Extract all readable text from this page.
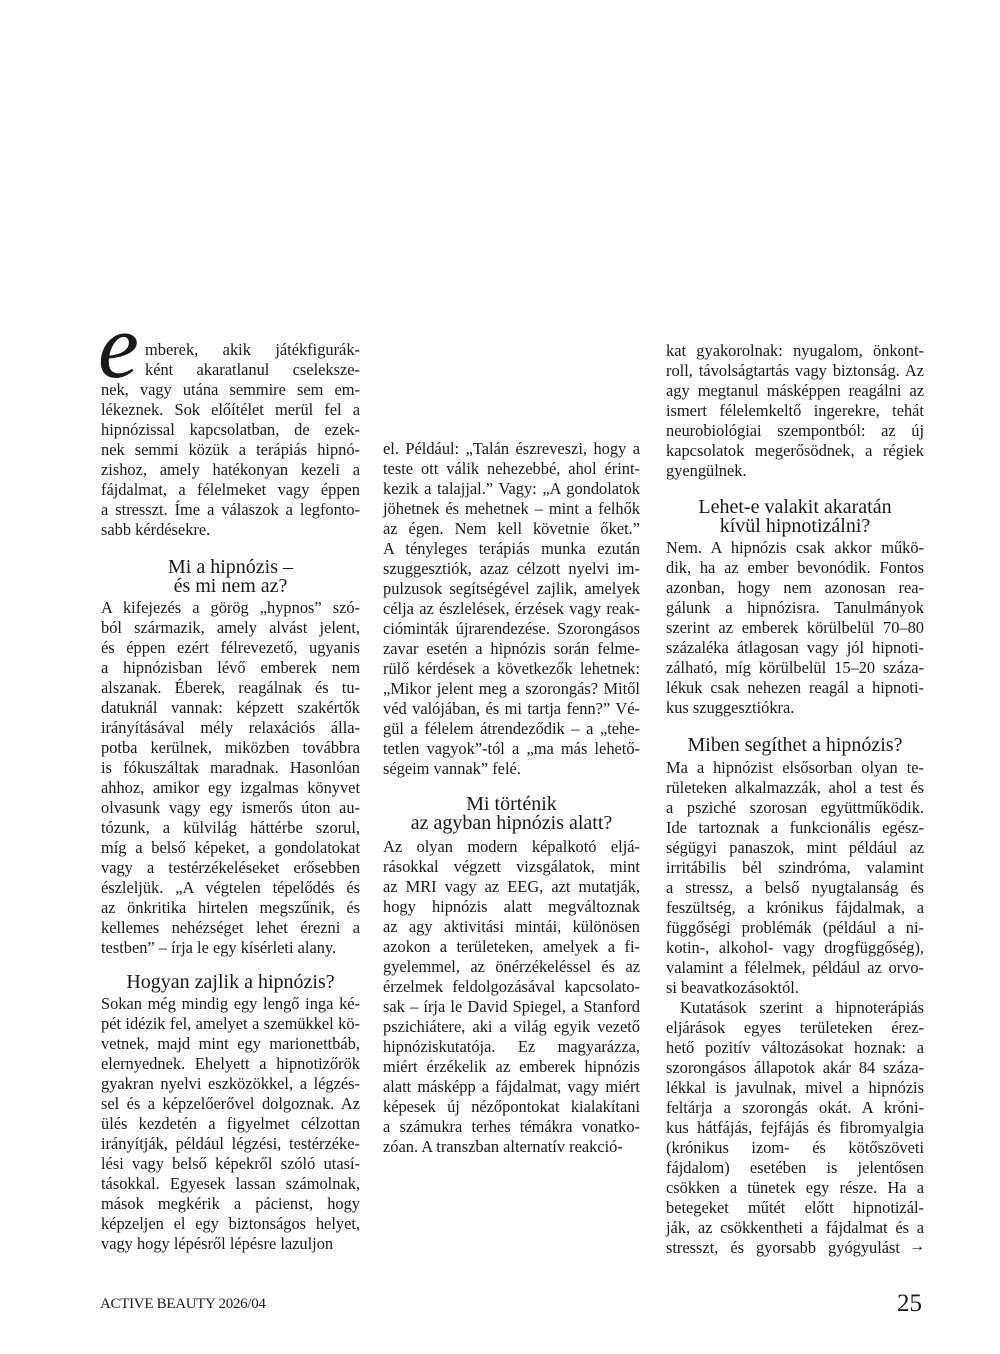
e mberek, akik játékfigurák-
ként akaratlanul cselekszе-
nek, vagy utána semmire sem em-
lékeznek. Sok előítélet merül fel a
hipnózissal kapcsolatban, de ezek-
nek semmi közük a terápiás hipnó-
zishoz, amely hatékonyan kezeli a
fájdalmat, a félelmeket vagy éppen
a stresszt. Íme a válaszok a legfonto-
sabb kérdésekre.
Mi a hipnózis –
és mi nem az?
A kifejezés a görög „hypnos” szó-
ból származik, amely alvást jelent,
és éppen ezért félrevezető, ugyanis
a hipnózisban lévő emberek nem
alszanak. Éberek, reagálnak és tu-
datuknál vannak: képzett szakértők
irányításával mély relaxációs álla-
potba kerülnek, miközben továbbra
is fókuszáltak maradnak. Hasonlóan
ahhoz, amikor egy izgalmas könyvet
olvasunk vagy egy ismerős úton au-
tózunk, a külvilág háttérbe szorul,
míg a belső képeket, a gondolatokat
vagy a testérzékeléseket erősebben
észleljük. „A végtelen tépelődés és
az önkritika hirtelen megszűnik, és
kellemes nehézséget lehet érezni a
testben” – írja le egy kísérleti alany.
Hogyan zajlik a hipnózis?
Sokan még mindig egy lengő inga ké-
pét idézik fel, amelyet a szemükkel kö-
vetnek, majd mint egy marionettbáb,
elernyednek. Ehelyett a hipnotizőrök
gyakran nyelvi eszközökkel, a légzés-
sel és a képzelőerővel dolgoznak. Az
ülés kezdetén a figyelmet célzottan
irányítják, például légzési, testérzéke-
lési vagy belső képekről szóló utasí-
tásokkal. Egyesek lassan számolnak,
mások megkérik a pácienst, hogy
képzeljen el egy biztonságos helyet,
vagy hogy lépésről lépésre lazuljon
el. Például: „Talán észreveszi, hogy a
teste ott válik nehezebbé, ahol érint-
kezik a talajjal.” Vagy: „A gondolatok
jöhetnek és mehetnek – mint a felhők
az égen. Nem kell követnie őket.”
A tényleges terápiás munka ezután
szuggesztiók, azaz célzott nyelvi im-
pulzusok segítségével zajlik, amelyek
célja az észlelések, érzések vagy reak-
cióminták újrarendezése. Szorongásos
zavar esetén a hipnózis során felme-
rülő kérdések a következők lehetnek:
„Mikor jelent meg a szorongás? Mitől
véd valójában, és mi tartja fenn?” Vé-
gül a félelem átrendeződik – a „tehe-
tetlen vagyok”-tól a „ma más lehető-
ségeim vannak” felé.
Mi történik
az agyban hipnózis alatt?
Az olyan modern képalkotó eljá-
rásokkal végzett vizsgálatok, mint
az MRI vagy az EEG, azt mutatják,
hogy hipnózis alatt megváltoznak
az agy aktivitási mintái, különösen
azokon a területeken, amelyek a fi-
gyelemmel, az önérzékeléssel és az
érzelmek feldolgozásával kapcsolato-
sak – írja le David Spiegel, a Stanford
pszichiátere, aki a világ egyik vezető
hipnóziskutatója. Ez magyarázza,
miért érzékelik az emberek hipnózis
alatt másképp a fájdalmat, vagy miért
képesek új nézőpontokat kialakítani
a számukra terhes témákra vonatko-
zóan. A transzban alternatív reakció-
kat gyakorolnak: nyugalom, önkont-
roll, távolságtartás vagy biztonság. Az
agy megtanul másképpen reagálni az
ismert félelemkeltő ingerekre, tehát
neurobiológiai szempontból: az új
kapcsolatok megerősödnek, a régiek
gyengülnek.
Lehet-e valakit akaratán
kívül hipnotizálni?
Nem. A hipnózis csak akkor műkö-
dik, ha az ember bevonódik. Fontos
azonban, hogy nem azonosan rea-
gálunk a hipnózisra. Tanulmányok
szerint az emberek körülbelül 70–80
százaléka átlagosan vagy jól hipnoti-
zálható, míg körülbelül 15–20 száza-
lékuk csak nehezen reagál a hipnoti-
kus szuggesztiókra.
Miben segíthet a hipnózis?
Ma a hipnózist elsősorban olyan te-
rületeken alkalmazzák, ahol a test és
a psziché szorosan együttműködik.
Ide tartoznak a funkcionális egész-
ségügyi panaszok, mint például az
irritábilis bél szindróma, valamint
a stressz, a belső nyugtalanság és
feszültség, a krónikus fájdalmak, a
függőségi problémák (például a ni-
kotin-, alkohol- vagy drogfüggőség),
valamint a félelmek, például az orvo-
si beavatkozásoktól.
Kutatások szerint a hipnoterápiás
eljárások egyes területeken érez-
hető pozitív változásokat hoznak: a
szorongásos állapotok akár 84 száza-
lékkal is javulnak, mivel a hipnózis
feltárja a szorongás okát. A króni-
kus hátfájás, fejfájás és fibromyalgia
(krónikus izom- és kötőszöveti
fájdalom) esetében is jelentősen
csökken a tünetek egy része. Ha a
betegeket műtét előtt hipnotizál-
ják, az csökkentheti a fájdalmat és a
stresszt, és gyorsabb gyógyulást →
ACTIVE BEAUTY 2026/04	25
